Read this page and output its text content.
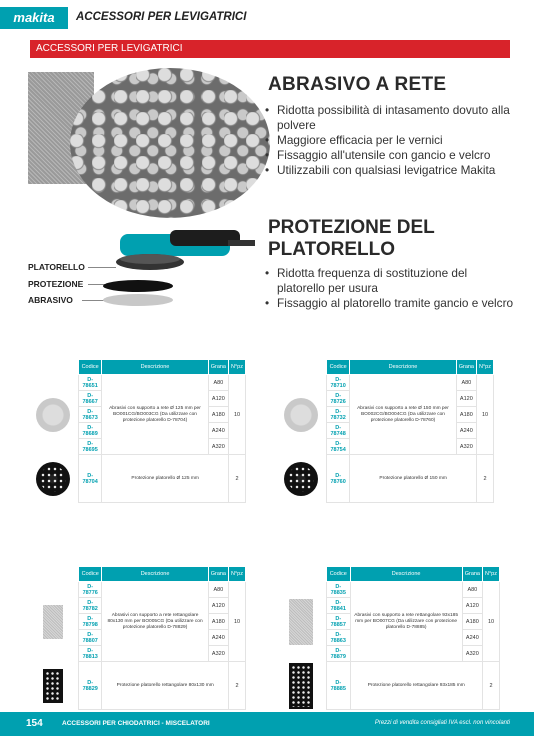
makita	ACCESSORI PER LEVIGATRICI
ACCESSORI PER LEVIGATRICI
ABRASIVO A RETE
• Ridotta possibilità di intasamento dovuto alla polvere
• Maggiore efficacia per le vernici
• Fissaggio all'utensile con gancio e velcro
• Utilizzabili con qualsiasi levigatrice Makita
PLATORELLO
PROTEZIONE
ABRASIVO
PROTEZIONE DEL PLATORELLO
• Ridotta frequenza di sostituzione del platorello per usura
• Fissaggio al platorello tramite gancio e velcro
	Codice	Descrizione	Grana	N°pz

	D-78651	Abrasivi con supporto a rete Ø 125 mm per BO001CG/BO003CG (Da utilizzare con protezione platorello D-78704)	A80	10
	D-78667		A120	
	D-78673		A180	
	D-78689		A240	
	D-78695		A320	

	D-78704	Protezione platorello Ø 125 mm		2
	Codice	Descrizione	Grana	N°pz

	D-78710	Abrasivi con supporto a rete Ø 150 mm per BO002CG/BO004CG (Da utilizzare con protezione platorello D-78760)	A80	10
	D-78726		A120	
	D-78732		A180	
	D-78748		A240	
	D-78754		A320	

	D-78760	Protezione platorello Ø 150 mm		2
	Codice	Descrizione	Grana	N°pz

	D-78776	Abrasivi con supporto a rete rettangolare 80x130 mm per BO005CG (Da utilizzare con protezione platorello D-78829)	A80	10
	D-78782		A120	
	D-78798		A180	
	D-78807		A240	
	D-78813		A320	

	D-78829	Protezione platorello rettangolare 80x130 mm		2
	Codice	Descrizione	Grana	N°pz

	D-78835	Abrasivi con supporto a rete rettangolare 93x185 mm per BO007CG (Da utilizzare con protezione platorello D-78885)	A80	10
	D-78841		A120	
	D-78857		A180	
	D-78863		A240	
	D-78879		A320	

	D-78885	Protezione platorello rettangolare 93x185 mm		2
154	ACCESSORI PER CHIODATRICI - MISCELATORI	Prezzi di vendita consigliati IVA escl. non vincolanti
